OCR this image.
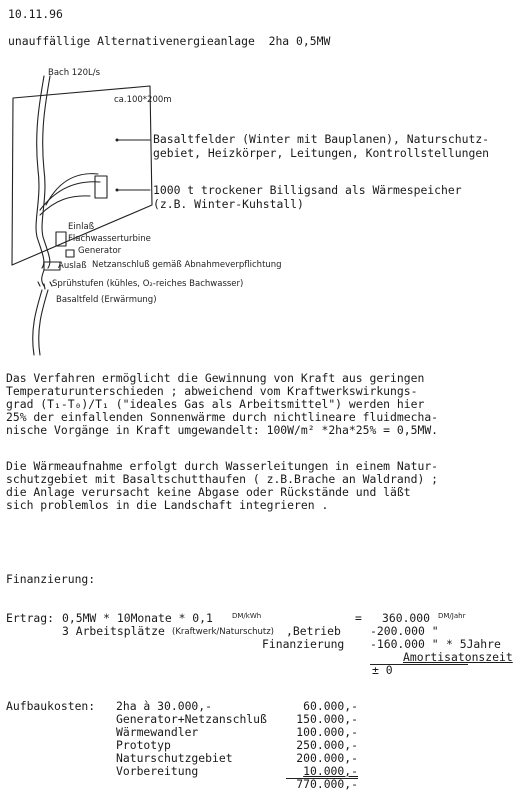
10.11.96
unauffällige Alternativenergieanlage  2ha 0,5MW
Bach 120L/s
ca.100*200m
Einlaß
Flachwasserturbine
Generator
Auslaß Netzanschluß gemäß Abnahmeverpflichtung
Sprühstufen (kühles, O₂-reiches Bachwasser)
Basaltfeld (Erwärmung)
Basaltfelder (Winter mit Bauplanen), Naturschutz-
gebiet, Heizkörper, Leitungen, Kontrollstellungen
1000 t trockener Billigsand als Wärmespeicher
(z.B. Winter-Kuhstall)
Das Verfahren ermöglicht die Gewinnung von Kraft aus geringen
Temperaturunterschieden ; abweichend vom Kraftwerkswirkungs-
grad (T₁-T₀)/T₁ ("ideales Gas als Arbeitsmittel") werden hier
25% der einfallenden Sonnenwärme durch nichtlineare fluidmecha-
nische Vorgänge in Kraft umgewandelt: 100W/m² *2ha*25% = 0,5MW.
Die Wärmeaufnahme erfolgt durch Wasserleitungen in einem Natur-
schutzgebiet mit Basaltschutthaufen ( z.B.Brache an Waldrand) ;
die Anlage verursacht keine Abgase oder Rückstände und läßt
sich problemlos in die Landschaft integrieren .
Finanzierung:
Ertrag: 0,5MW * 10Monate * 0,1	DM/kWh	= 360.000 DM/Jahr
3 Arbeitsplätze (Kraftwerk/Naturschutz) ,Betrieb	-200.000 "
Finanzierung -160.000 " * 5Jahre
Amortisatonszeit
± 0
Aufbaukosten: 2ha à 30.000,-	60.000,-
Generator+Netzanschluß	150.000,-
Wärmewandler	100.000,-
Prototyp	250.000,-
Naturschutzgebiet	200.000,-
Vorbereitung	10.000,-
770.000,-
